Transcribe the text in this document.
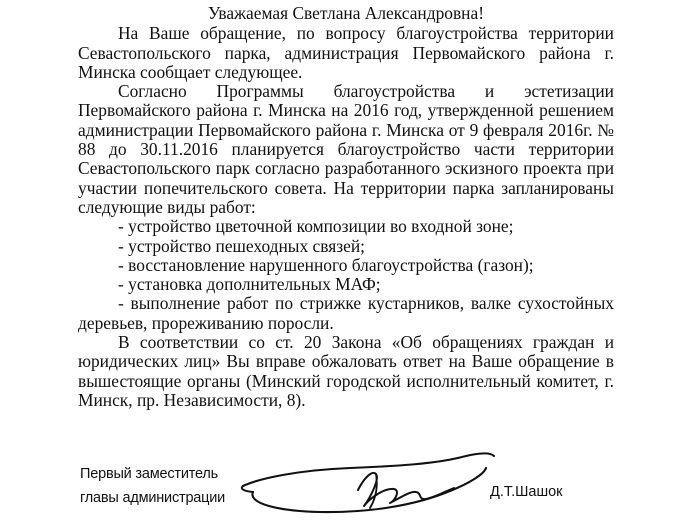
Уважаемая Светлана Александровна!

На Ваше обращение, по вопросу благоустройства территории Севастопольского парка, администрация Первомайского района г. Минска сообщает следующее.

Согласно Программы благоустройства и эстетизации Первомайского района г. Минска на 2016 год, утвержденной решением администрации Первомайского района г. Минска от 9 февраля 2016г. № 88 до 30.11.2016 планируется благоустройство части территории Севастопольского парк согласно разработанного эскизного проекта при участии попечительского совета. На территории парка запланированы следующие виды работ:

- устройство цветочной композиции во входной зоне;
- устройство пешеходных связей;
- восстановление нарушенного благоустройства (газон);
- установка дополнительных МАФ;
- выполнение работ по стрижке кустарников, валке сухостойных деревьев, прореживанию поросли.

В соответствии со ст. 20 Закона «Об обращениях граждан и юридических лиц» Вы вправе обжаловать ответ на Ваше обращение в вышестоящие органы (Минский городской исполнительный комитет, г. Минск, пр. Независимости, 8).

Первый заместитель
главы администрации	Д.Т.Шашок
